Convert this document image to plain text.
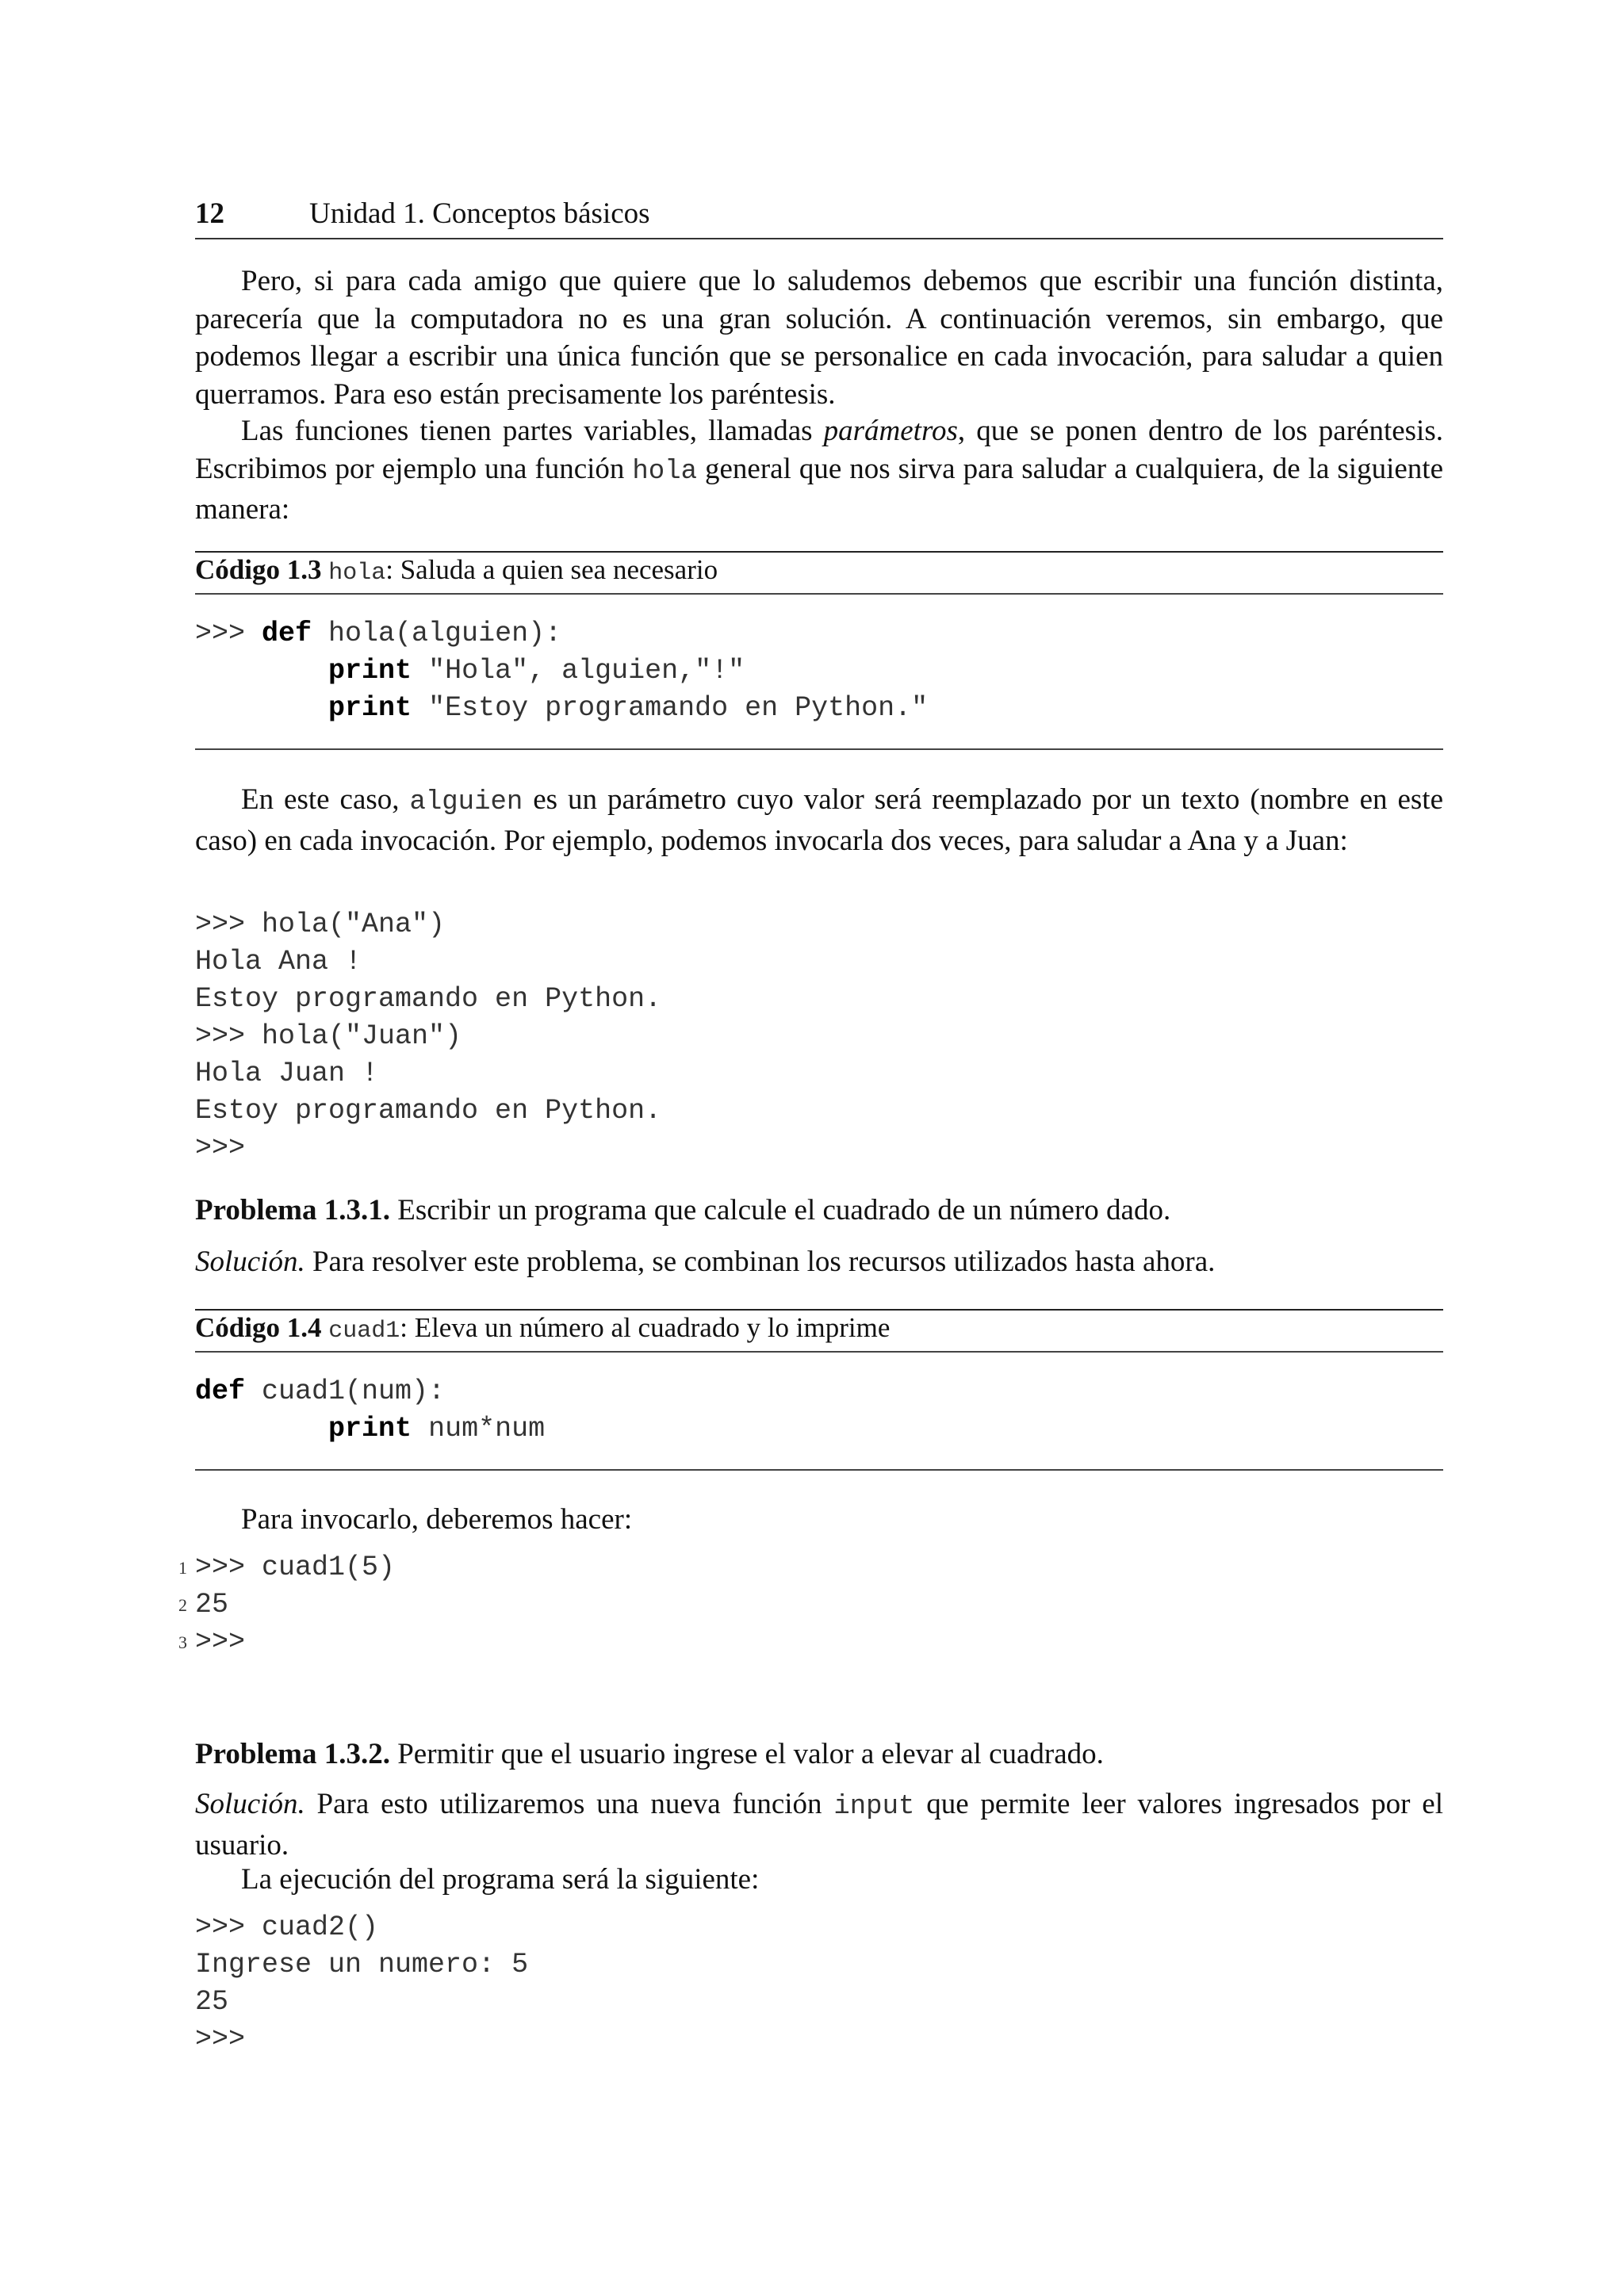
12	Unidad 1. Conceptos básicos

Pero, si para cada amigo que quiere que lo saludemos debemos que escribir una función distinta, parecería que la computadora no es una gran solución. A continuación veremos, sin embargo, que podemos llegar a escribir una única función que se personalice en cada invocación, para saludar a quien querramos. Para eso están precisamente los paréntesis.

Las funciones tienen partes variables, llamadas parámetros, que se ponen dentro de los paréntesis. Escribimos por ejemplo una función hola general que nos sirva para saludar a cualquiera, de la siguiente manera:

Código 1.3 hola: Saluda a quien sea necesario
>>> def hola(alguien):
print "Hola", alguien,"!"
print "Estoy programando en Python."

En este caso, alguien es un parámetro cuyo valor será reemplazado por un texto (nombre en este caso) en cada invocación. Por ejemplo, podemos invocarla dos veces, para saludar a Ana y a Juan:

>>> hola("Ana")
Hola Ana !
Estoy programando en Python.
>>> hola("Juan")
Hola Juan !
Estoy programando en Python.
>>>

Problema 1.3.1. Escribir un programa que calcule el cuadrado de un número dado.

Solución. Para resolver este problema, se combinan los recursos utilizados hasta ahora.

Código 1.4 cuad1: Eleva un número al cuadrado y lo imprime
def cuad1(num):
print num*num

Para invocarlo, deberemos hacer:

1 >>> cuad1(5)
2 25
3 >>>

Problema 1.3.2. Permitir que el usuario ingrese el valor a elevar al cuadrado.

Solución. Para esto utilizaremos una nueva función input que permite leer valores ingresados por el usuario.

La ejecución del programa será la siguiente:

>>> cuad2()
Ingrese un numero: 5
25
>>>
